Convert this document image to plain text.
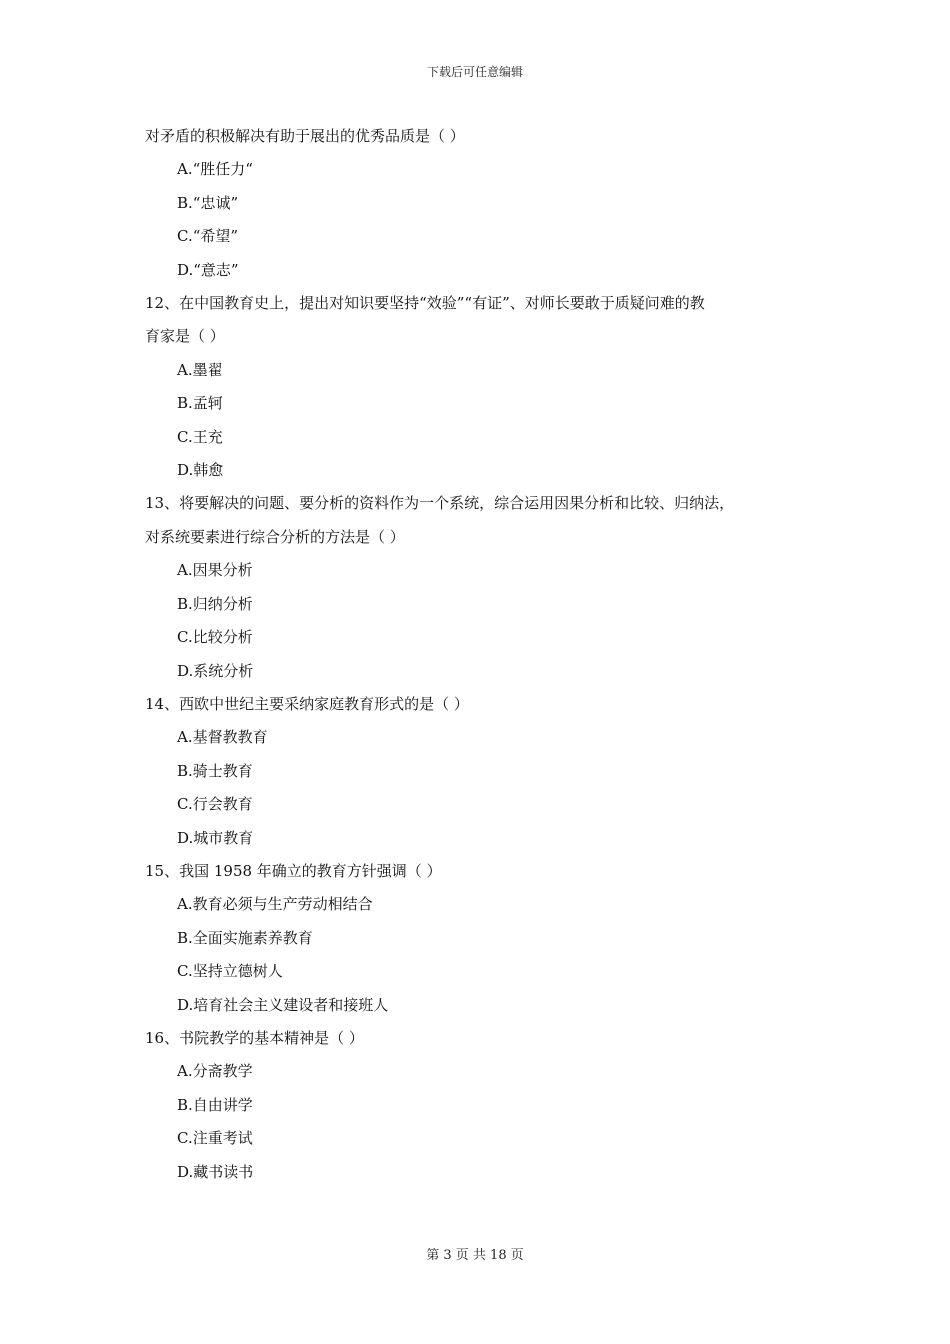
下载后可任意编辑
对矛盾的积极解决有助于展出的优秀品质是（ ）
A.“胜任力“
B.“忠诚”
C.“希望”
D.“意志”
12、在中国教育史上，提出对知识要坚持“效验”“有证”、对师长要敢于质疑问难的教
育家是（ ）
A.墨翟
B.孟轲
C.王充
D.韩愈
13、将要解决的问题、要分析的资料作为一个系统，综合运用因果分析和比较、归纳法，
对系统要素进行综合分析的方法是（ ）
A.因果分析
B.归纳分析
C.比较分析
D.系统分析
14、西欧中世纪主要采纳家庭教育形式的是（ ）
A.基督教教育
B.骑士教育
C.行会教育
D.城市教育
15、我国 1958 年确立的教育方针强调（ ）
A.教育必须与生产劳动相结合
B.全面实施素养教育
C.坚持立德树人
D.培育社会主义建设者和接班人
16、书院教学的基本精神是（ ）
A.分斋教学
B.自由讲学
C.注重考试
D.藏书读书
第 3 页 共 18 页
